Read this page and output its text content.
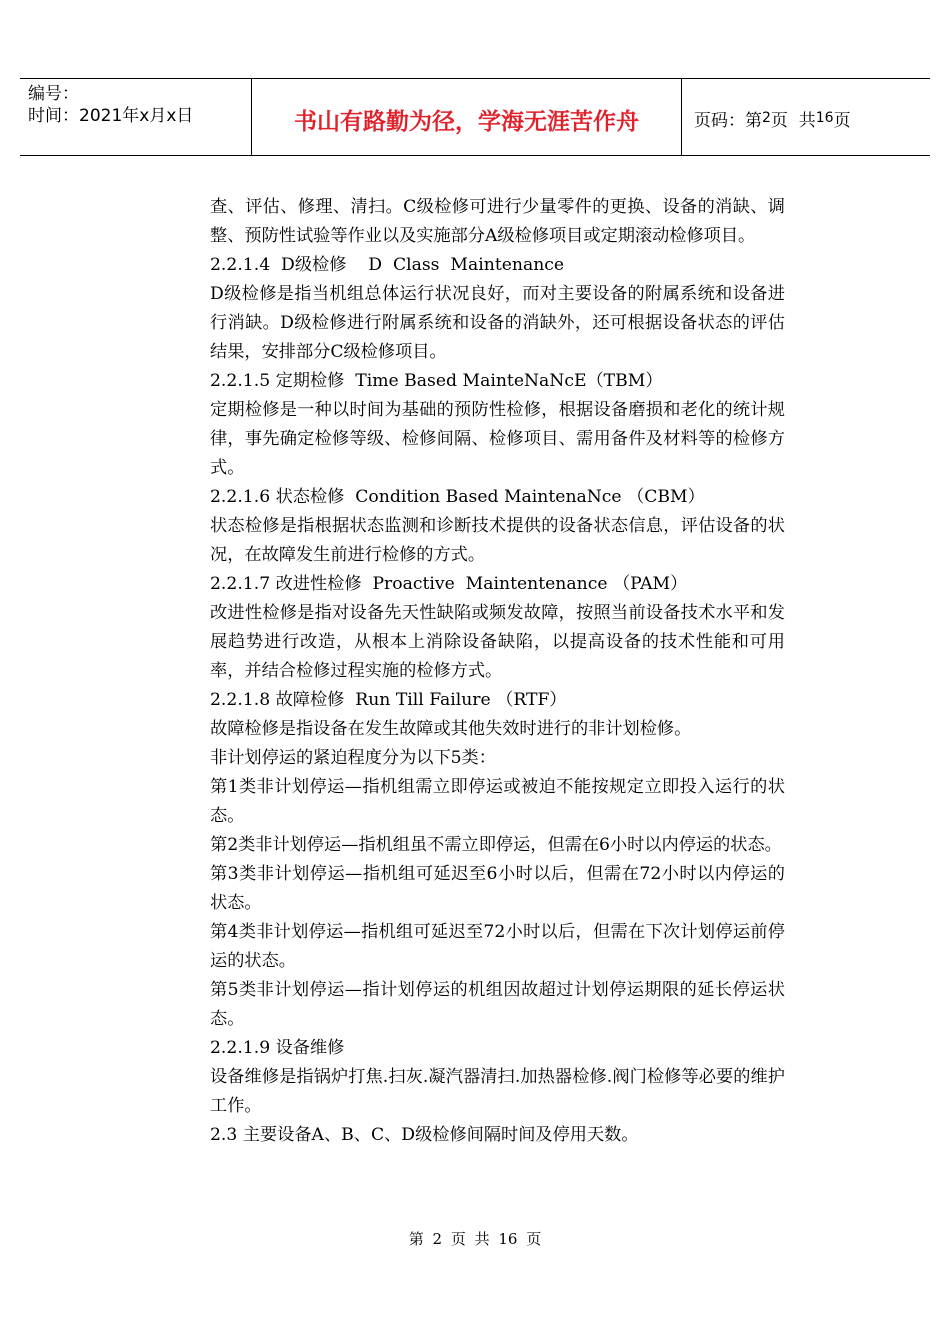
编号：
时间：2021年x月x日	书山有路勤为径，学海无涯苦作舟	页码：第 2 页  共 16 页

查、评估、修理、清扫。C级检修可进行少量零件的更换、设备的消缺、调整、预防性试验等作业以及实施部分A级检修项目或定期滚动检修项目。

2.2.1.4  D级检修    D  Class  Maintenance

D级检修是指当机组总体运行状况良好，而对主要设备的附属系统和设备进行消缺。D级检修进行附属系统和设备的消缺外，还可根据设备状态的评估结果，安排部分C级检修项目。

2.2.1.5 定期检修  Time Based MainteNaNcE（TBM）

定期检修是一种以时间为基础的预防性检修，根据设备磨损和老化的统计规律，事先确定检修等级、检修间隔、检修项目、需用备件及材料等的检修方式。

2.2.1.6 状态检修  Condition Based MaintenaNce （CBM）

状态检修是指根据状态监测和诊断技术提供的设备状态信息，评估设备的状况，在故障发生前进行检修的方式。

2.2.1.7 改进性检修  Proactive  Maintentenance （PAM）

改进性检修是指对设备先天性缺陷或频发故障，按照当前设备技术水平和发展趋势进行改造，从根本上消除设备缺陷，以提高设备的技术性能和可用率，并结合检修过程实施的检修方式。

2.2.1.8 故障检修  Run Till Failure （RTF）

故障检修是指设备在发生故障或其他失效时进行的非计划检修。

非计划停运的紧迫程度分为以下5类：

第1类非计划停运—指机组需立即停运或被迫不能按规定立即投入运行的状态。

第2类非计划停运—指机组虽不需立即停运，但需在6小时以内停运的状态。

第3类非计划停运—指机组可延迟至6小时以后，但需在72小时以内停运的状态。

第4类非计划停运—指机组可延迟至72小时以后，但需在下次计划停运前停运的状态。

第5类非计划停运—指计划停运的机组因故超过计划停运期限的延长停运状态。

2.2.1.9 设备维修

设备维修是指锅炉打焦.扫灰.凝汽器清扫.加热器检修.阀门检修等必要的维护工作。

2.3 主要设备A、B、C、D级检修间隔时间及停用天数。

第 2 页 共 16 页
